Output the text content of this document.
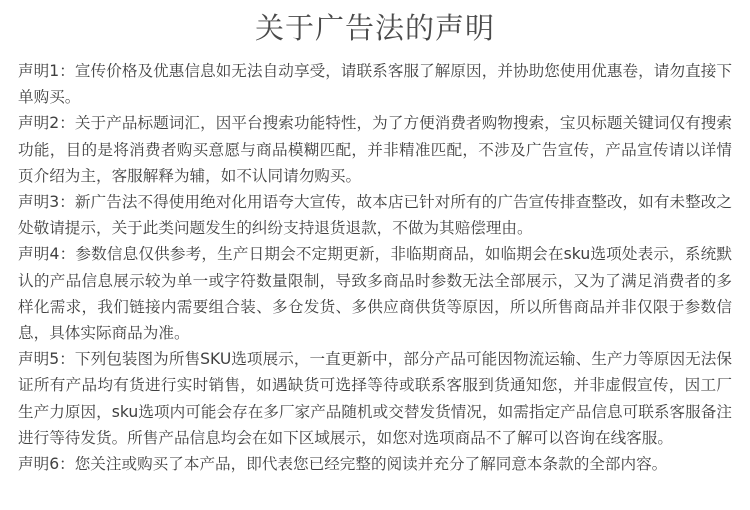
关于广告法的声明
声明1：宣传价格及优惠信息如无法自动享受，请联系客服了解原因，并协助您使用优惠卷，请勿直接下单购买。
声明2：关于产品标题词汇，因平台搜索功能特性，为了方便消费者购物搜索，宝贝标题关键词仅有搜索功能，目的是将消费者购买意愿与商品模糊匹配，并非精准匹配，不涉及广告宣传，产品宣传请以详情页介绍为主，客服解释为辅，如不认同请勿购买。
声明3：新广告法不得使用绝对化用语夸大宣传，故本店已针对所有的广告宣传排查整改，如有未整改之处敬请提示，关于此类问题发生的纠纷支持退货退款，不做为其赔偿理由。
声明4：参数信息仅供参考，生产日期会不定期更新，非临期商品，如临期会在sku选项处表示，系统默认的产品信息展示较为单一或字符数量限制，导致多商品时参数无法全部展示，又为了满足消费者的多样化需求，我们链接内需要组合装、多仓发货、多供应商供货等原因，所以所售商品并非仅限于参数信息，具体实际商品为准。
声明5：下列包装图为所售SKU选项展示，一直更新中，部分产品可能因物流运输、生产力等原因无法保证所有产品均有货进行实时销售，如遇缺货可选择等待或联系客服到货通知您，并非虚假宣传，因工厂生产力原因，sku选项内可能会存在多厂家产品随机或交替发货情况，如需指定产品信息可联系客服备注进行等待发货。所售产品信息均会在如下区域展示，如您对选项商品不了解可以咨询在线客服。
声明6：您关注或购买了本产品，即代表您已经完整的阅读并充分了解同意本条款的全部内容。
